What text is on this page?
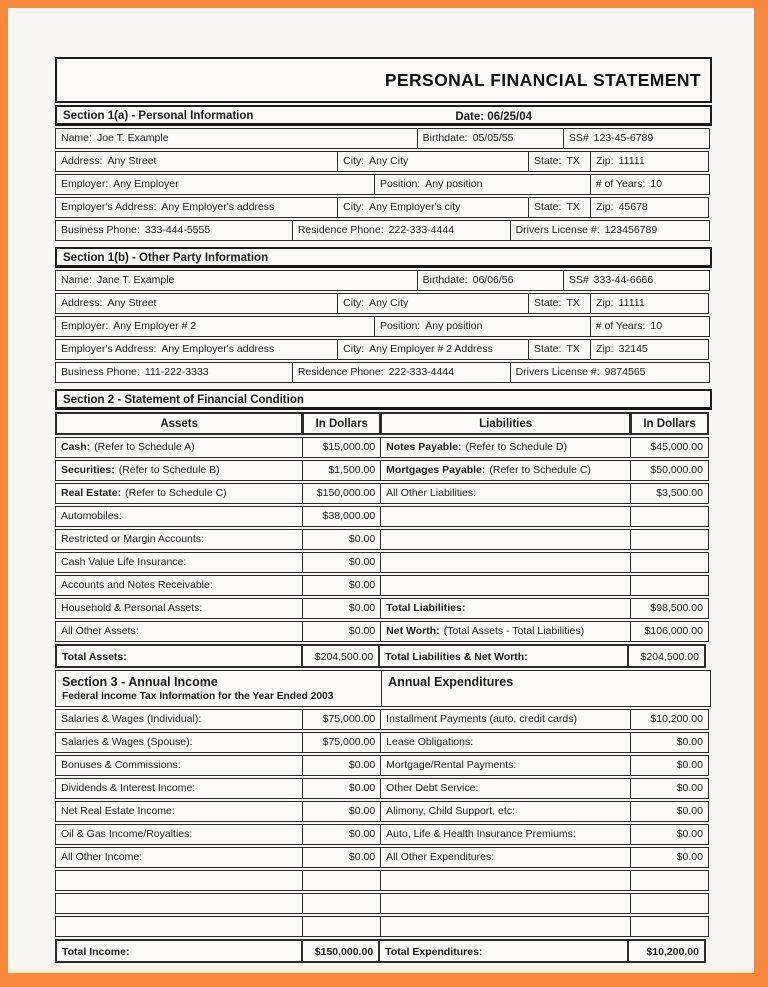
PERSONAL FINANCIAL STATEMENT
Section 1(a) - Personal Information	Date: 06/25/04
Name: Joe T. Example	Birthdate: 05/05/55	SS# 123-45-6789
Address: Any Street	City: Any City	State: TX	Zip: 11111
Employer: Any Employer	Position: Any position	# of Years: 10
Employer's Address: Any Employer's address	City: Any Employer's city	State: TX	Zip: 45678
Business Phone: 333-444-5555	Residence Phone: 222-333-4444	Drivers License #: 123456789
Section 1(b) - Other Party Information
Name: Jane T. Example	Birthdate: 06/06/56	SS# 333-44-6666
Address: Any Street	City: Any City	State: TX	Zip: 11111
Employer: Any Employer # 2	Position: Any position	# of Years: 10
Employer's Address: Any Employer's address	City: Any Employer # 2 Address	State: TX	Zip: 32145
Business Phone: 111-222-3333	Residence Phone: 222-333-4444	Drivers License #: 9874565
Section 2 - Statement of Financial Condition
Assets	In Dollars	Liabilities	In Dollars
Cash: (Refer to Schedule A)	$15,000.00	Notes Payable: (Refer to Schedule D)	$45,000.00
Securities: (Refer to Schedule B)	$1,500.00	Mortgages Payable: (Refer to Schedule C)	$50,000.00
Real Estate: (Refer to Schedule C)	$150,000.00	All Other Liabilities:	$3,500.00
Automobiles:	$38,000.00
Restricted or Margin Accounts:	$0.00
Cash Value Life Insurance:	$0.00
Accounts and Notes Receivable:	$0.00
Household & Personal Assets:	$0.00	Total Liabilities:	$98,500.00
All Other Assets:	$0.00	Net Worth: (Total Assets - Total Liabilities)	$106,000.00
Total Assets:	$204,500.00	Total Liabilities & Net Worth:	$204,500.00
Section 3 - Annual Income
Federal Income Tax Information for the Year Ended 2003
Annual Expenditures
Salaries & Wages (Individual):	$75,000.00	Installment Payments (auto, credit cards)	$10,200.00
Salaries & Wages (Spouse):	$75,000.00	Lease Obligations:	$0.00
Bonuses & Commissions:	$0.00	Mortgage/Rental Payments:	$0.00
Dividends & Interest Income:	$0.00	Other Debt Service:	$0.00
Net Real Estate Income:	$0.00	Alimony, Child Support, etc:	$0.00
Oil & Gas Income/Royalties:	$0.00	Auto, Life & Health Insurance Premiums:	$0.00
All Other Income:	$0.00	All Other Expenditures:	$0.00
Total Income:	$150,000.00	Total Expenditures:	$10,200.00
